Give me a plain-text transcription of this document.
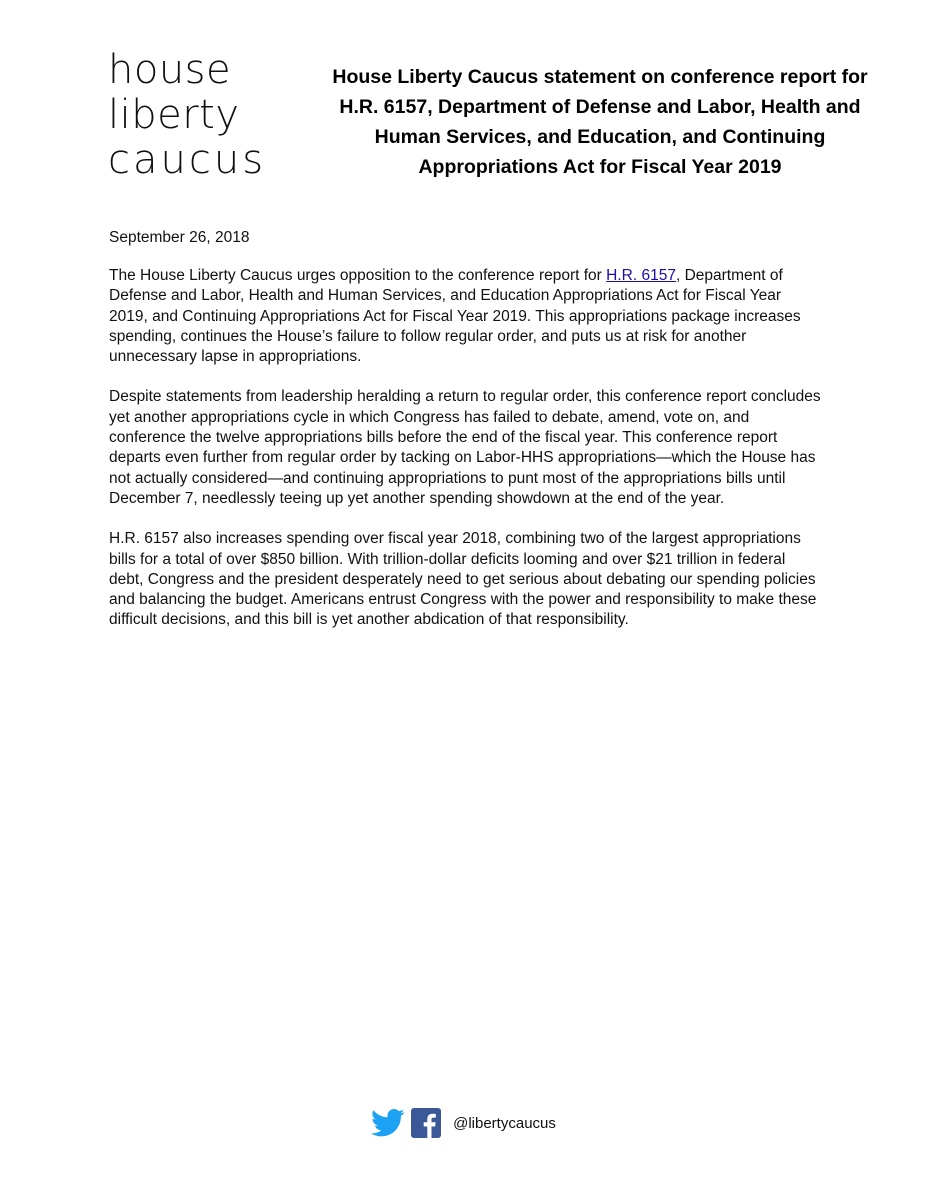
house
liberty
caucus
House Liberty Caucus statement on conference report for H.R. 6157, Department of Defense and Labor, Health and Human Services, and Education, and Continuing Appropriations Act for Fiscal Year 2019
September 26, 2018

The House Liberty Caucus urges opposition to the conference report for H.R. 6157, Department of Defense and Labor, Health and Human Services, and Education Appropriations Act for Fiscal Year 2019, and Continuing Appropriations Act for Fiscal Year 2019. This appropriations package increases spending, continues the House’s failure to follow regular order, and puts us at risk for another unnecessary lapse in appropriations.

Despite statements from leadership heralding a return to regular order, this conference report concludes yet another appropriations cycle in which Congress has failed to debate, amend, vote on, and conference the twelve appropriations bills before the end of the fiscal year. This conference report departs even further from regular order by tacking on Labor-HHS appropriations—which the House has not actually considered—and continuing appropriations to punt most of the appropriations bills until December 7, needlessly teeing up yet another spending showdown at the end of the year.

H.R. 6157 also increases spending over fiscal year 2018, combining two of the largest appropriations bills for a total of over $850 billion. With trillion-dollar deficits looming and over $21 trillion in federal debt, Congress and the president desperately need to get serious about debating our spending policies and balancing the budget. Americans entrust Congress with the power and responsibility to make these difficult decisions, and this bill is yet another abdication of that responsibility.

@libertycaucus
